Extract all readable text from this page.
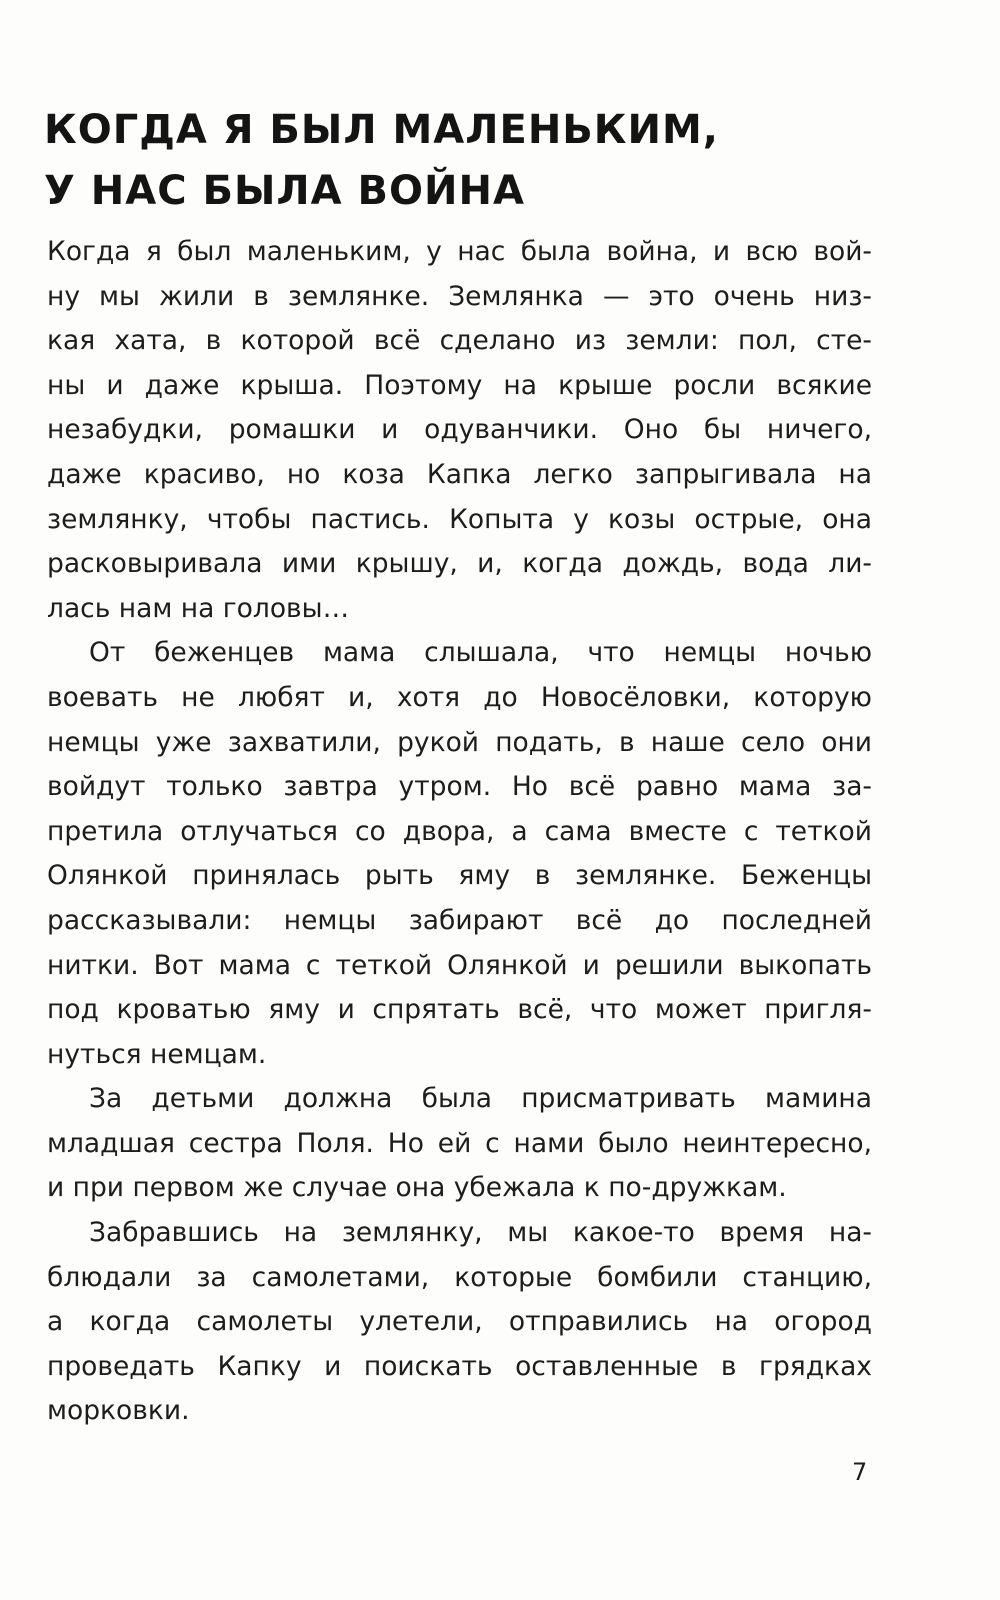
КОГДА Я БЫЛ МАЛЕНЬКИМ,
У НАС БЫЛА ВОЙНА
Когда я был маленьким, у нас была война, и всю вой-
ну мы жили в землянке. Землянка — это очень низ-
кая хата, в которой всё сделано из земли: пол, сте-
ны и даже крыша. Поэтому на крыше росли всякие
незабудки, ромашки и одуванчики. Оно бы ничего,
даже красиво, но коза Капка легко запрыгивала на
землянку, чтобы пастись. Копыта у козы острые, она
расковыривала ими крышу, и, когда дождь, вода ли-
лась нам на головы…
От беженцев мама слышала, что немцы ночью
воевать не любят и, хотя до Новосёловки, которую
немцы уже захватили, рукой подать, в наше село они
войдут только завтра утром. Но всё равно мама за-
претила отлучаться со двора, а сама вместе с теткой
Олянкой принялась рыть яму в землянке. Беженцы
рассказывали: немцы забирают всё до последней
нитки. Вот мама с теткой Олянкой и решили выкопать
под кроватью яму и спрятать всё, что может пригля-
нуться немцам.
За детьми должна была присматривать мамина
младшая сестра Поля. Но ей с нами было неинтересно,
и при первом же случае она убежала к по-дружкам.
Забравшись на землянку, мы какое-то время на-
блюдали за самолетами, которые бомбили станцию,
а когда самолеты улетели, отправились на огород
проведать Капку и поискать оставленные в грядках
морковки.
7
